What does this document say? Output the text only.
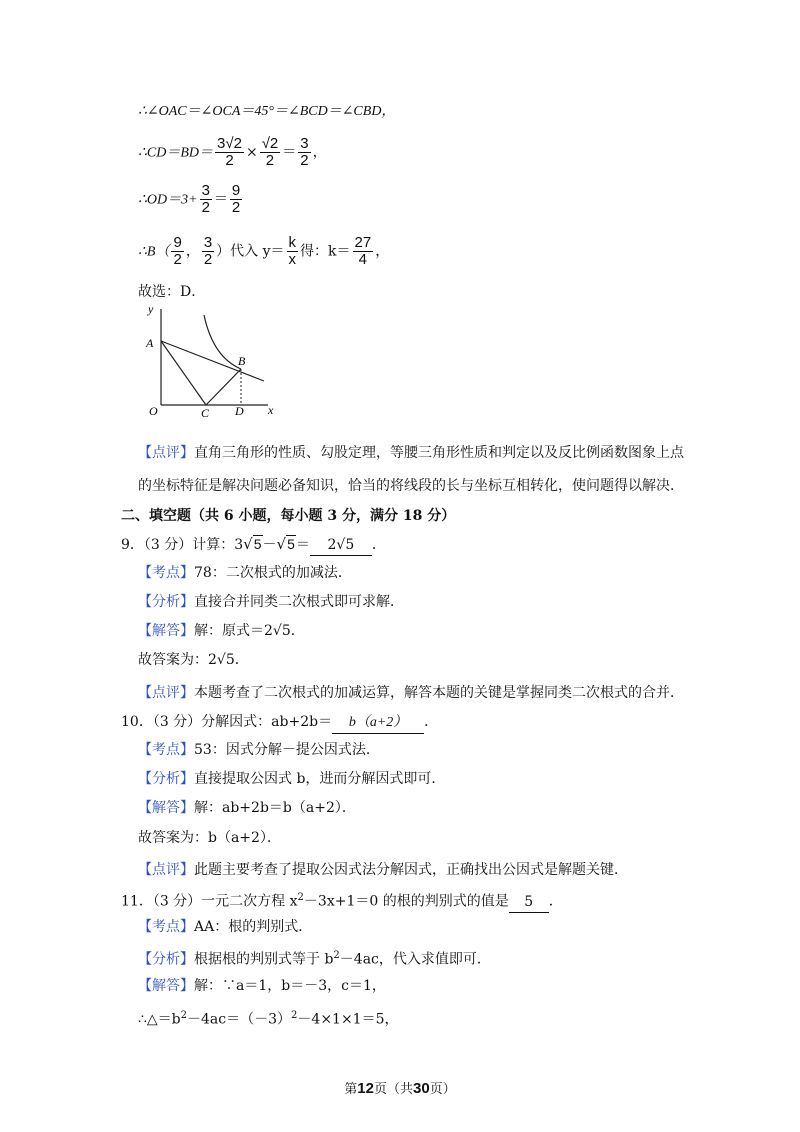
∴∠OAC＝∠OCA＝45°＝∠BCD＝∠CBD，
∴CD＝BD＝ $\frac{3√2}{2} \times \frac{√2}{2} = \frac{3}{2}$ ，
∴OD＝3+ $\frac{3}{2} = \frac{9}{2}$
∴B（ $\frac{9}{2}$ ， $\frac{3}{2}$ ）代入 $y= \frac{k}{x}$ 得：$k= \frac{27}{4}$ ，
故选：D．
y
x
A
B
O	C D
【点评】直角三角形的性质、勾股定理，等腰三角形性质和判定以及反比例函数图象上点
的坐标特征是解决问题必备知识，恰当的将线段的长与坐标互相转化，使问题得以解决．
二、填空题（共 6 小题，每小题 3 分，满分 18 分）
9．（3 分）计算：3√5－√5＝ 2√5 ．
【考点】78：二次根式的加减法．
【分析】直接合并同类二次根式即可求解．
【解答】解：原式＝2√5．
故答案为：2√5．
【点评】本题考查了二次根式的加减运算，解答本题的关键是掌握同类二次根式的合并．
10．（3 分）分解因式：ab+2b＝ b（a+2） ．
【考点】53：因式分解－提公因式法．
【分析】直接提取公因式 b，进而分解因式即可．
【解答】解：ab+2b＝b（a+2）．
故答案为：b（a+2）．
【点评】此题主要考查了提取公因式法分解因式，正确找出公因式是解题关键．
11．（3 分）一元二次方程 $x^2-3x+1=0$ 的根的判别式的值是 5 ．
【考点】AA：根的判别式．
【分析】根据根的判别式等于 $b^2-4ac$，代入求值即可．
【解答】解：∵a＝1，b＝－3，c＝1，
$\therefore\triangle=b^2-4ac=(-3)^2-4\times 1\times 1=5$，
第12页（共30页）
